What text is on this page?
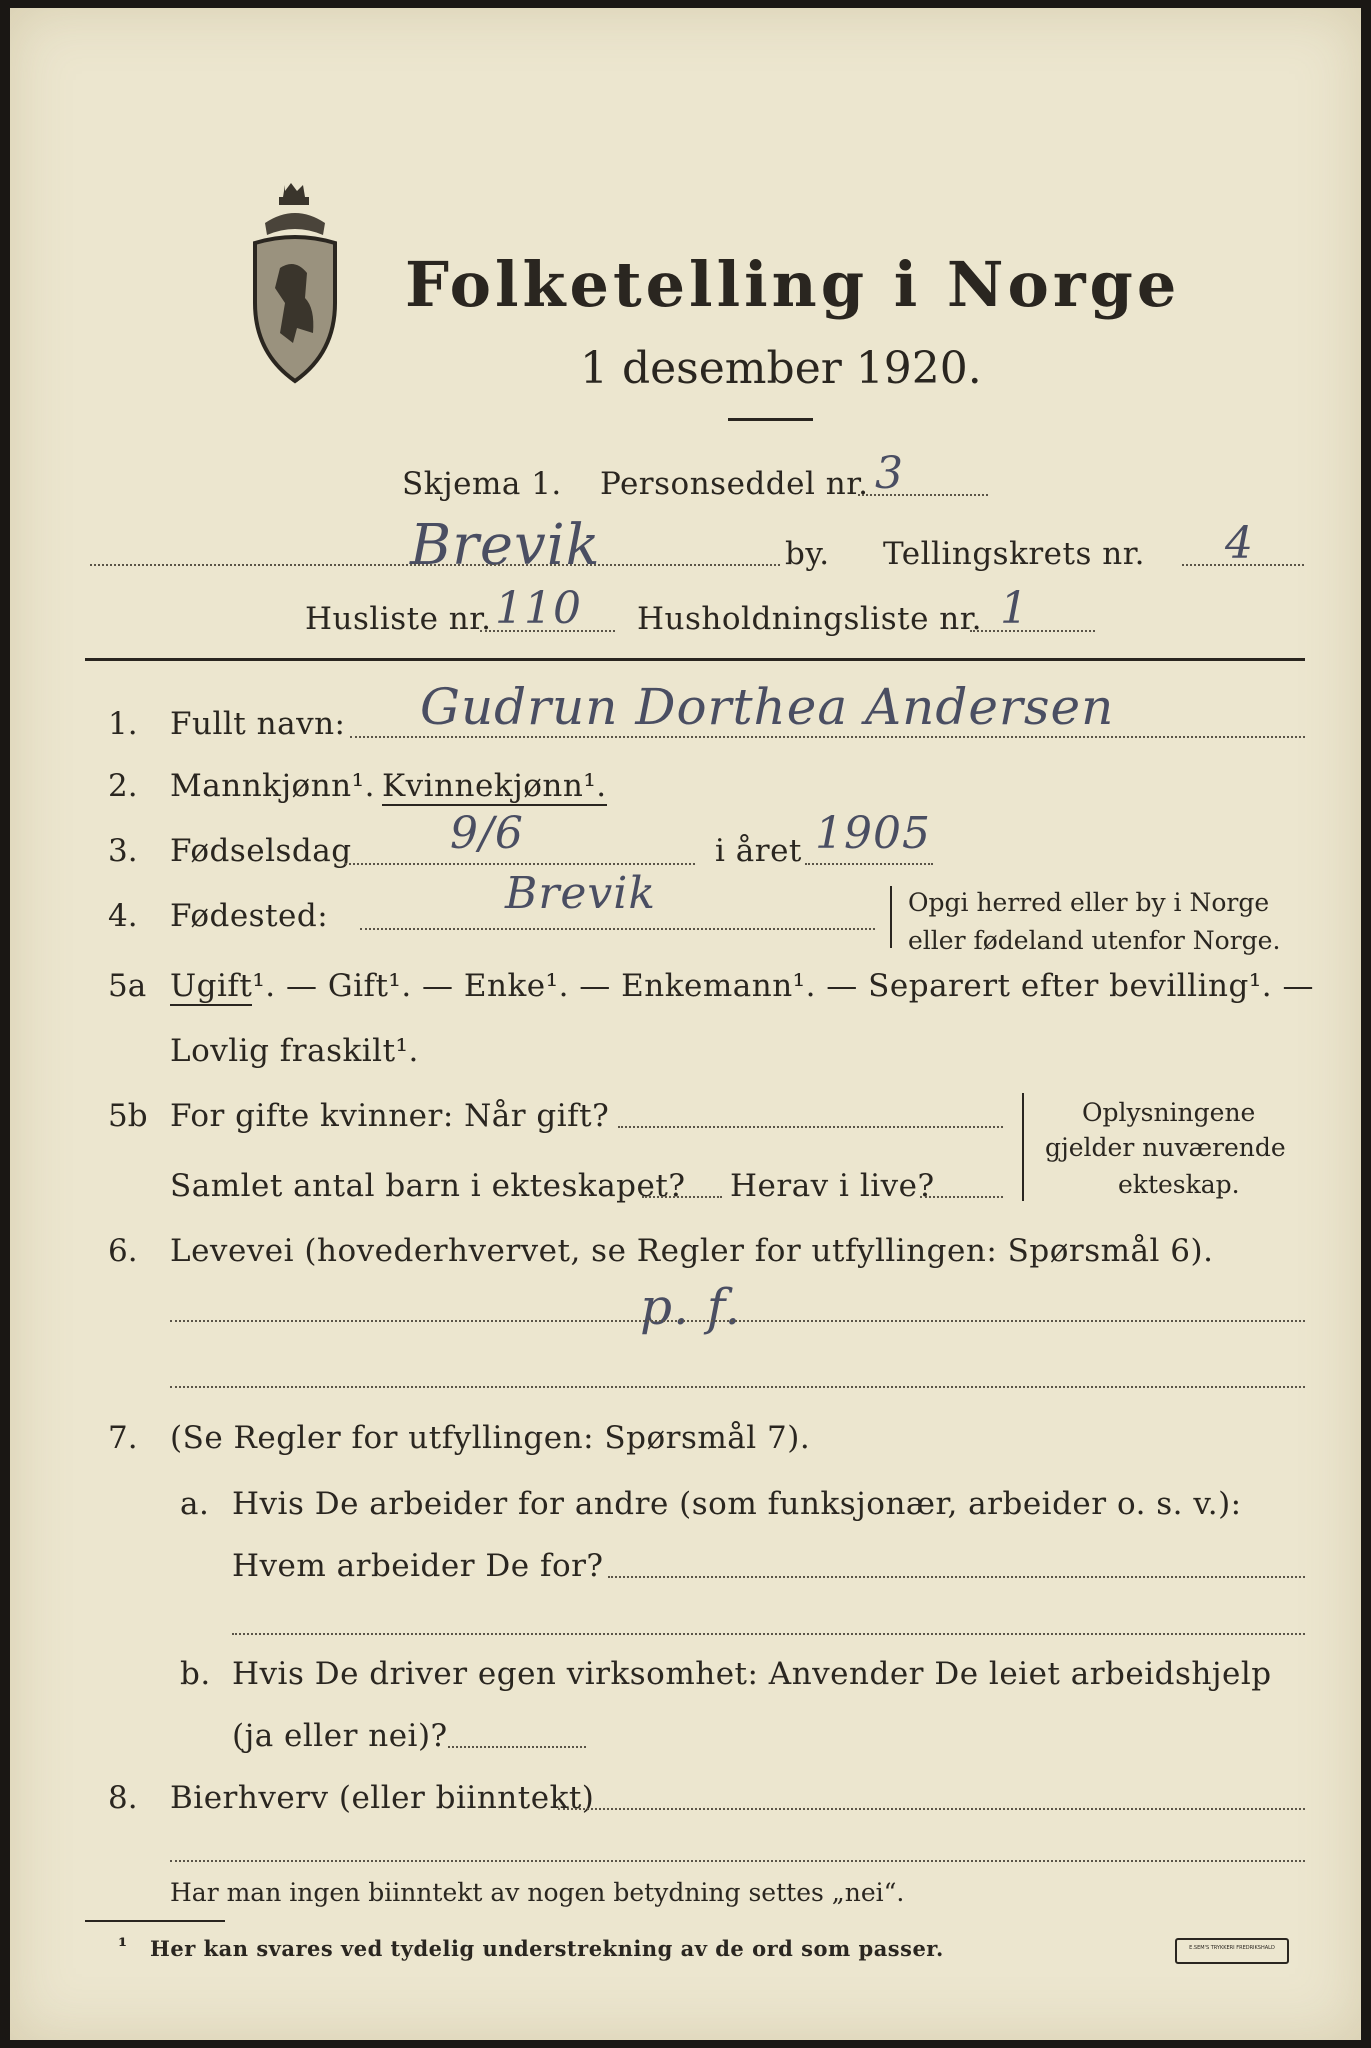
Folketelling i Norge
1 desember 1920.
Skjema 1. Personseddel nr. 3
Brevik	by. Tellingskrets nr. 4
Husliste nr. 110 Husholdningsliste nr. 1
1. Fullt navn: Gudrun Dorthea Andersen
2. Mannkjønn¹. Kvinnekjønn¹.
3. Fødselsdag 9/6	i året 1905
4. Fødested:	Brevik	Opgi herred eller by i Norge
eller fødeland utenfor Norge.
5a Ugift¹. — Gift¹. — Enke¹. — Enkemann¹. — Separert efter bevilling¹. —
Lovlig fraskilt¹.
5b For gifte kvinner: Når gift?
Samlet antal barn i ekteskapet? Herav i live?
Oplysningene
gjelder nuværende
ekteskap.
6. Levevei (hovederhvervet, se Regler for utfyllingen: Spørsmål 6).
p. f.
7. (Se Regler for utfyllingen: Spørsmål 7).
a. Hvis De arbeider for andre (som funksjonær, arbeider o. s. v.):
Hvem arbeider De for?
b. Hvis De driver egen virksomhet: Anvender De leiet arbeidshjelp
(ja eller nei)?
8. Bierhverv (eller biinntekt)
Har man ingen biinntekt av nogen betydning settes „nei“.
¹ Her kan svares ved tydelig understrekning av de ord som passer.	E.SEM'S TRYKKERI FREDRIKSHALD
